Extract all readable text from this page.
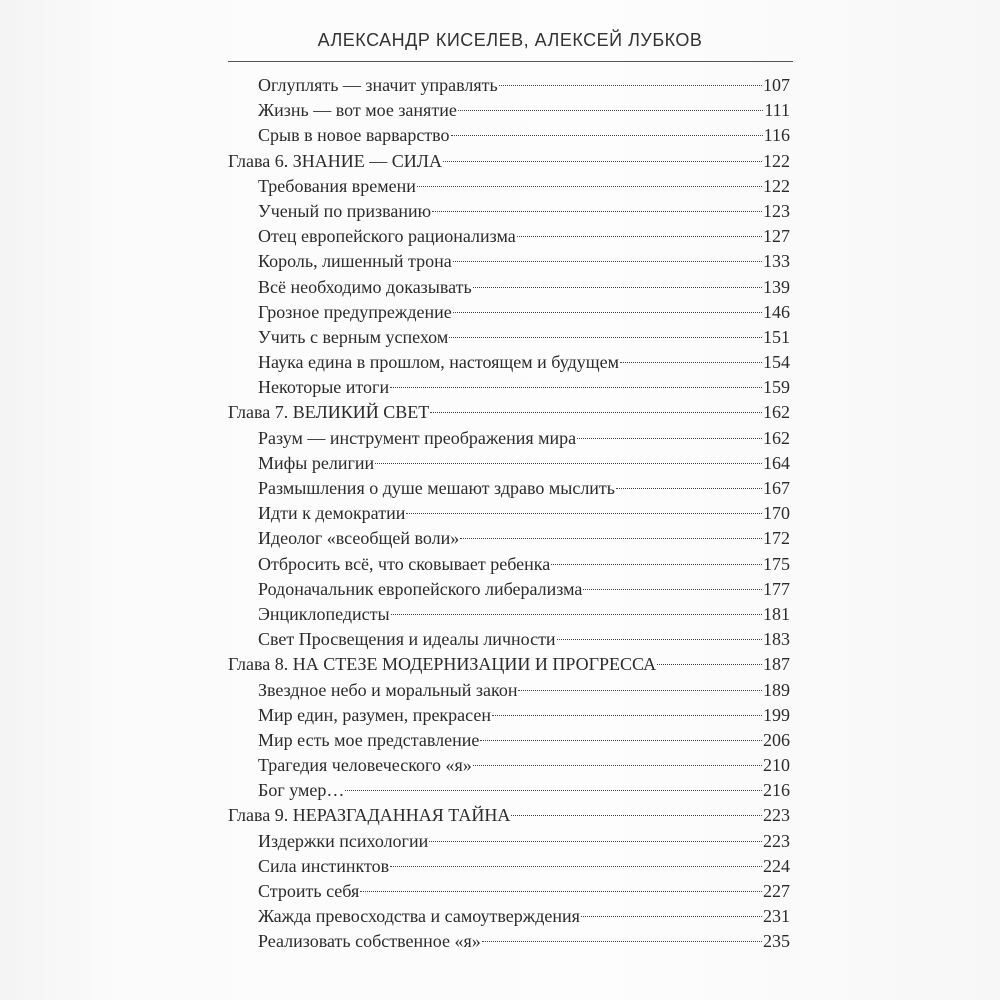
АЛЕКСАНДР КИСЕЛЕВ, АЛЕКСЕЙ ЛУБКОВ
Оглуплять — значит управлять	107
Жизнь — вот мое занятие	111
Срыв в новое варварство	116
Глава 6. ЗНАНИЕ — СИЛА	122
Требования времени	122
Ученый по призванию	123
Отец европейского рационализма	127
Король, лишенный трона	133
Всё необходимо доказывать	139
Грозное предупреждение	146
Учить с верным успехом	151
Наука едина в прошлом, настоящем и будущем	154
Некоторые итоги	159
Глава 7. ВЕЛИКИЙ СВЕТ	162
Разум — инструмент преображения мира	162
Мифы религии	164
Размышления о душе мешают здраво мыслить	167
Идти к демократии	170
Идеолог «всеобщей воли»	172
Отбросить всё, что сковывает ребенка	175
Родоначальник европейского либерализма	177
Энциклопедисты	181
Свет Просвещения и идеалы личности	183
Глава 8. НА СТЕЗЕ МОДЕРНИЗАЦИИ И ПРОГРЕССА	187
Звездное небо и моральный закон	189
Мир един, разумен, прекрасен	199
Мир есть мое представление	206
Трагедия человеческого «я»	210
Бог умер…	216
Глава 9. НЕРАЗГАДАННАЯ ТАЙНА	223
Издержки психологии	223
Сила инстинктов	224
Строить себя	227
Жажда превосходства и самоутверждения	231
Реализовать собственное «я»	235
